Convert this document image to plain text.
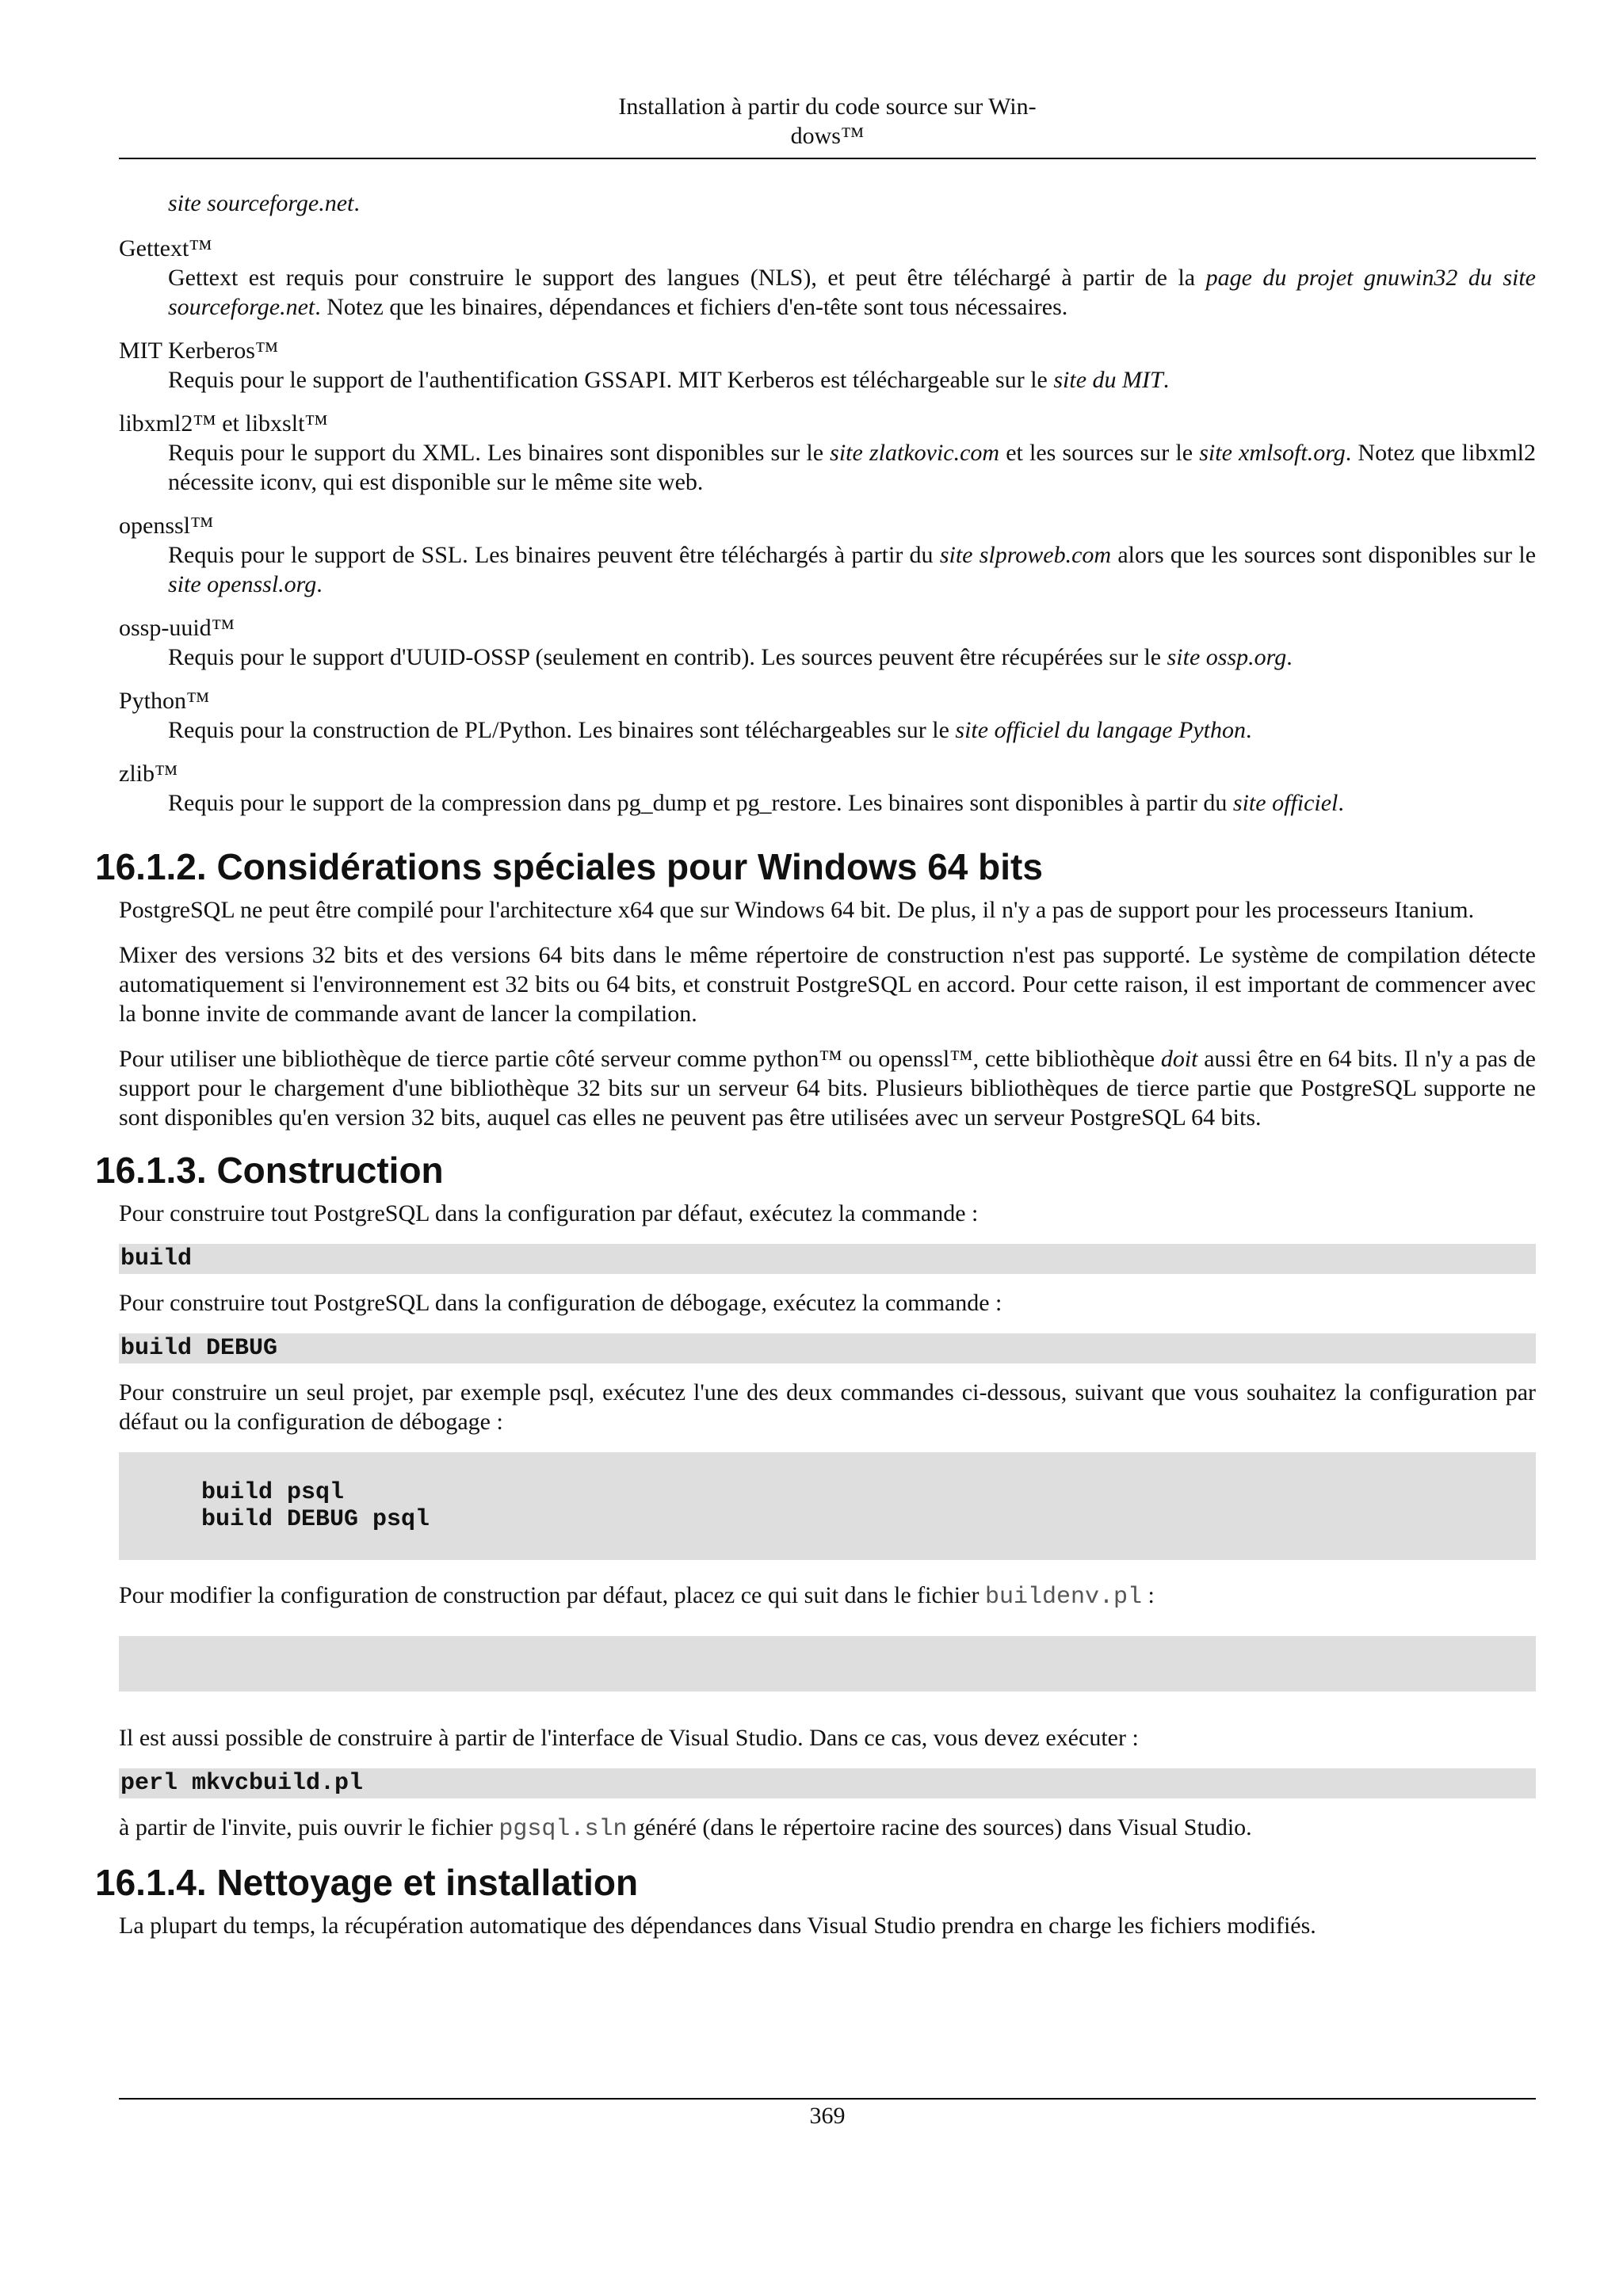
Installation à partir du code source sur Win-
dows™

site sourceforge.net.

Gettext™

Gettext est requis pour construire le support des langues (NLS), et peut être téléchargé à partir de la page du projet gnuwin32 du site sourceforge.net. Notez que les binaires, dépendances et fichiers d'en-tête sont tous nécessaires.

MIT Kerberos™

Requis pour le support de l'authentification GSSAPI. MIT Kerberos est téléchargeable sur le site du MIT.

libxml2™ et libxslt™

Requis pour le support du XML. Les binaires sont disponibles sur le site zlatkovic.com et les sources sur le site xmlsoft.org. Notez que libxml2 nécessite iconv, qui est disponible sur le même site web.

openssl™

Requis pour le support de SSL. Les binaires peuvent être téléchargés à partir du site slproweb.com alors que les sources sont disponibles sur le site openssl.org.

ossp-uuid™

Requis pour le support d'UUID-OSSP (seulement en contrib). Les sources peuvent être récupérées sur le site ossp.org.

Python™

Requis pour la construction de PL/Python. Les binaires sont téléchargeables sur le site officiel du langage Python.

zlib™

Requis pour le support de la compression dans pg_dump et pg_restore. Les binaires sont disponibles à partir du site officiel.

16.1.2. Considérations spéciales pour Windows 64 bits

PostgreSQL ne peut être compilé pour l'architecture x64 que sur Windows 64 bit. De plus, il n'y a pas de support pour les processeurs Itanium.

Mixer des versions 32 bits et des versions 64 bits dans le même répertoire de construction n'est pas supporté. Le système de compilation détecte automatiquement si l'environnement est 32 bits ou 64 bits, et construit PostgreSQL en accord. Pour cette raison, il est important de commencer avec la bonne invite de commande avant de lancer la compilation.

Pour utiliser une bibliothèque de tierce partie côté serveur comme python™ ou openssl™, cette bibliothèque doit aussi être en 64 bits. Il n'y a pas de support pour le chargement d'une bibliothèque 32 bits sur un serveur 64 bits. Plusieurs bibliothèques de tierce partie que PostgreSQL supporte ne sont disponibles qu'en version 32 bits, auquel cas elles ne peuvent pas être utilisées avec un serveur PostgreSQL 64 bits.

16.1.3. Construction

Pour construire tout PostgreSQL dans la configuration par défaut, exécutez la commande :

build

Pour construire tout PostgreSQL dans la configuration de débogage, exécutez la commande :

build DEBUG

Pour construire un seul projet, par exemple psql, exécutez l'une des deux commandes ci-dessous, suivant que vous souhaitez la configuration par défaut ou la configuration de débogage :

build psql
build DEBUG psql

Pour modifier la configuration de construction par défaut, placez ce qui suit dans le fichier buildenv.pl :

Il est aussi possible de construire à partir de l'interface de Visual Studio. Dans ce cas, vous devez exécuter :

perl mkvcbuild.pl

à partir de l'invite, puis ouvrir le fichier pgsql.sln généré (dans le répertoire racine des sources) dans Visual Studio.

16.1.4. Nettoyage et installation

La plupart du temps, la récupération automatique des dépendances dans Visual Studio prendra en charge les fichiers modifiés.

369
